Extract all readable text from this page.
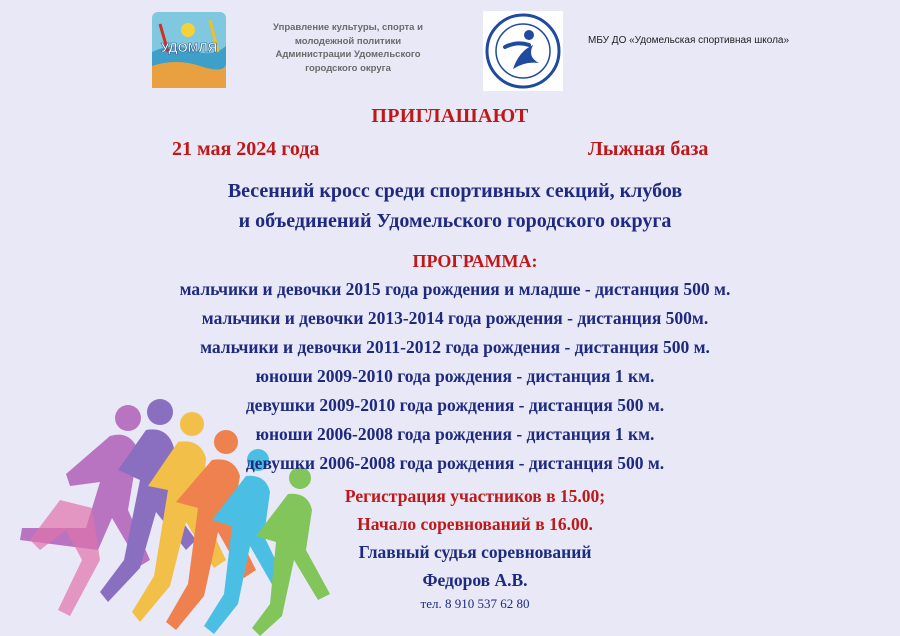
УДОМЛЯ
Управление культуры, спорта и
молодежной политики
Администрации Удомельского
городского округа
МБУ ДО «Удомельская спортивная школа»
ПРИГЛАШАЮТ
21 мая 2024 года	Лыжная база
Весенний кросс среди спортивных секций, клубов
и объединений Удомельского городского округа
ПРОГРАММА:
мальчики и девочки 2015 года рождения и младше - дистанция 500 м.
мальчики и девочки 2013-2014 года рождения - дистанция 500м.
мальчики и девочки 2011-2012 года рождения - дистанция 500 м.
юноши 2009-2010 года рождения - дистанция 1 км.
девушки 2009-2010 года рождения - дистанция 500 м.
юноши 2006-2008 года рождения - дистанция 1 км.
девушки 2006-2008 года рождения - дистанция 500 м.
Регистрация участников в 15.00;
Начало соревнований в 16.00.
Главный судья соревнований
Федоров А.В.
тел. 8 910 537 62 80
